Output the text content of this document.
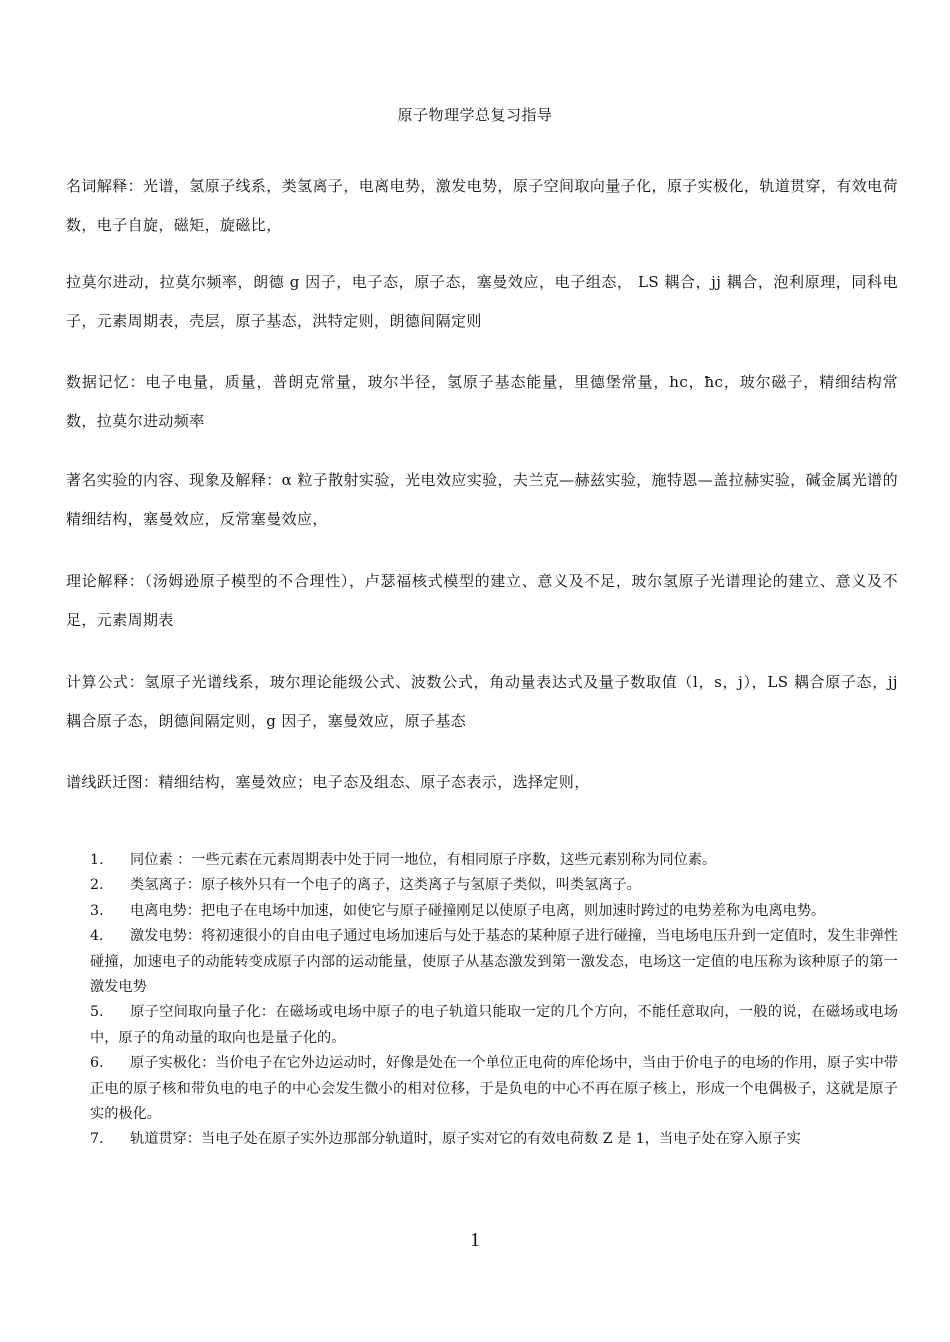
原子物理学总复习指导
名词解释：光谱，氢原子线系，类氢离子，电离电势，激发电势，原子空间取向量子化，原子实极化，轨道贯穿，有效电荷数，电子自旋，磁矩，旋磁比，
拉莫尔进动，拉莫尔频率，朗德 g 因子，电子态，原子态，塞曼效应，电子组态， LS 耦合，jj 耦合，泡利原理，同科电子，元素周期表，壳层，原子基态，洪特定则，朗德间隔定则
数据记忆：电子电量，质量，普朗克常量，玻尔半径，氢原子基态能量，里德堡常量，hc，ħc，玻尔磁子，精细结构常数，拉莫尔进动频率
著名实验的内容、现象及解释：α 粒子散射实验，光电效应实验，夫兰克—赫兹实验，施特恩—盖拉赫实验，碱金属光谱的精细结构，塞曼效应，反常塞曼效应，
理论解释：（汤姆逊原子模型的不合理性），卢瑟福核式模型的建立、意义及不足，玻尔氢原子光谱理论的建立、意义及不足，元素周期表
计算公式：氢原子光谱线系，玻尔理论能级公式、波数公式，角动量表达式及量子数取值（l，s，j），LS 耦合原子态，jj 耦合原子态，朗德间隔定则，g 因子，塞曼效应，原子基态
谱线跃迁图：精细结构，塞曼效应；电子态及组态、原子态表示，选择定则，
1. 同位素 ：一些元素在元素周期表中处于同一地位，有相同原子序数，这些元素别称为同位素。
2. 类氢离子：原子核外只有一个电子的离子，这类离子与氢原子类似，叫类氢离子。
3. 电离电势：把电子在电场中加速，如使它与原子碰撞刚足以使原子电离，则加速时跨过的电势差称为电离电势。
4. 激发电势：将初速很小的自由电子通过电场加速后与处于基态的某种原子进行碰撞，当电场电压升到一定值时，发生非弹性碰撞，加速电子的动能转变成原子内部的运动能量，使原子从基态激发到第一激发态，电场这一定值的电压称为该种原子的第一激发电势
5. 原子空间取向量子化：在磁场或电场中原子的电子轨道只能取一定的几个方向，不能任意取向，一般的说，在磁场或电场中，原子的角动量的取向也是量子化的。
6. 原子实极化：当价电子在它外边运动时，好像是处在一个单位正电荷的库伦场中，当由于价电子的电场的作用，原子实中带正电的原子核和带负电的电子的中心会发生微小的相对位移，于是负电的中心不再在原子核上，形成一个电偶极子，这就是原子实的极化。
7. 轨道贯穿：当电子处在原子实外边那部分轨道时，原子实对它的有效电荷数 Z 是 1，当电子处在穿入原子实
1
